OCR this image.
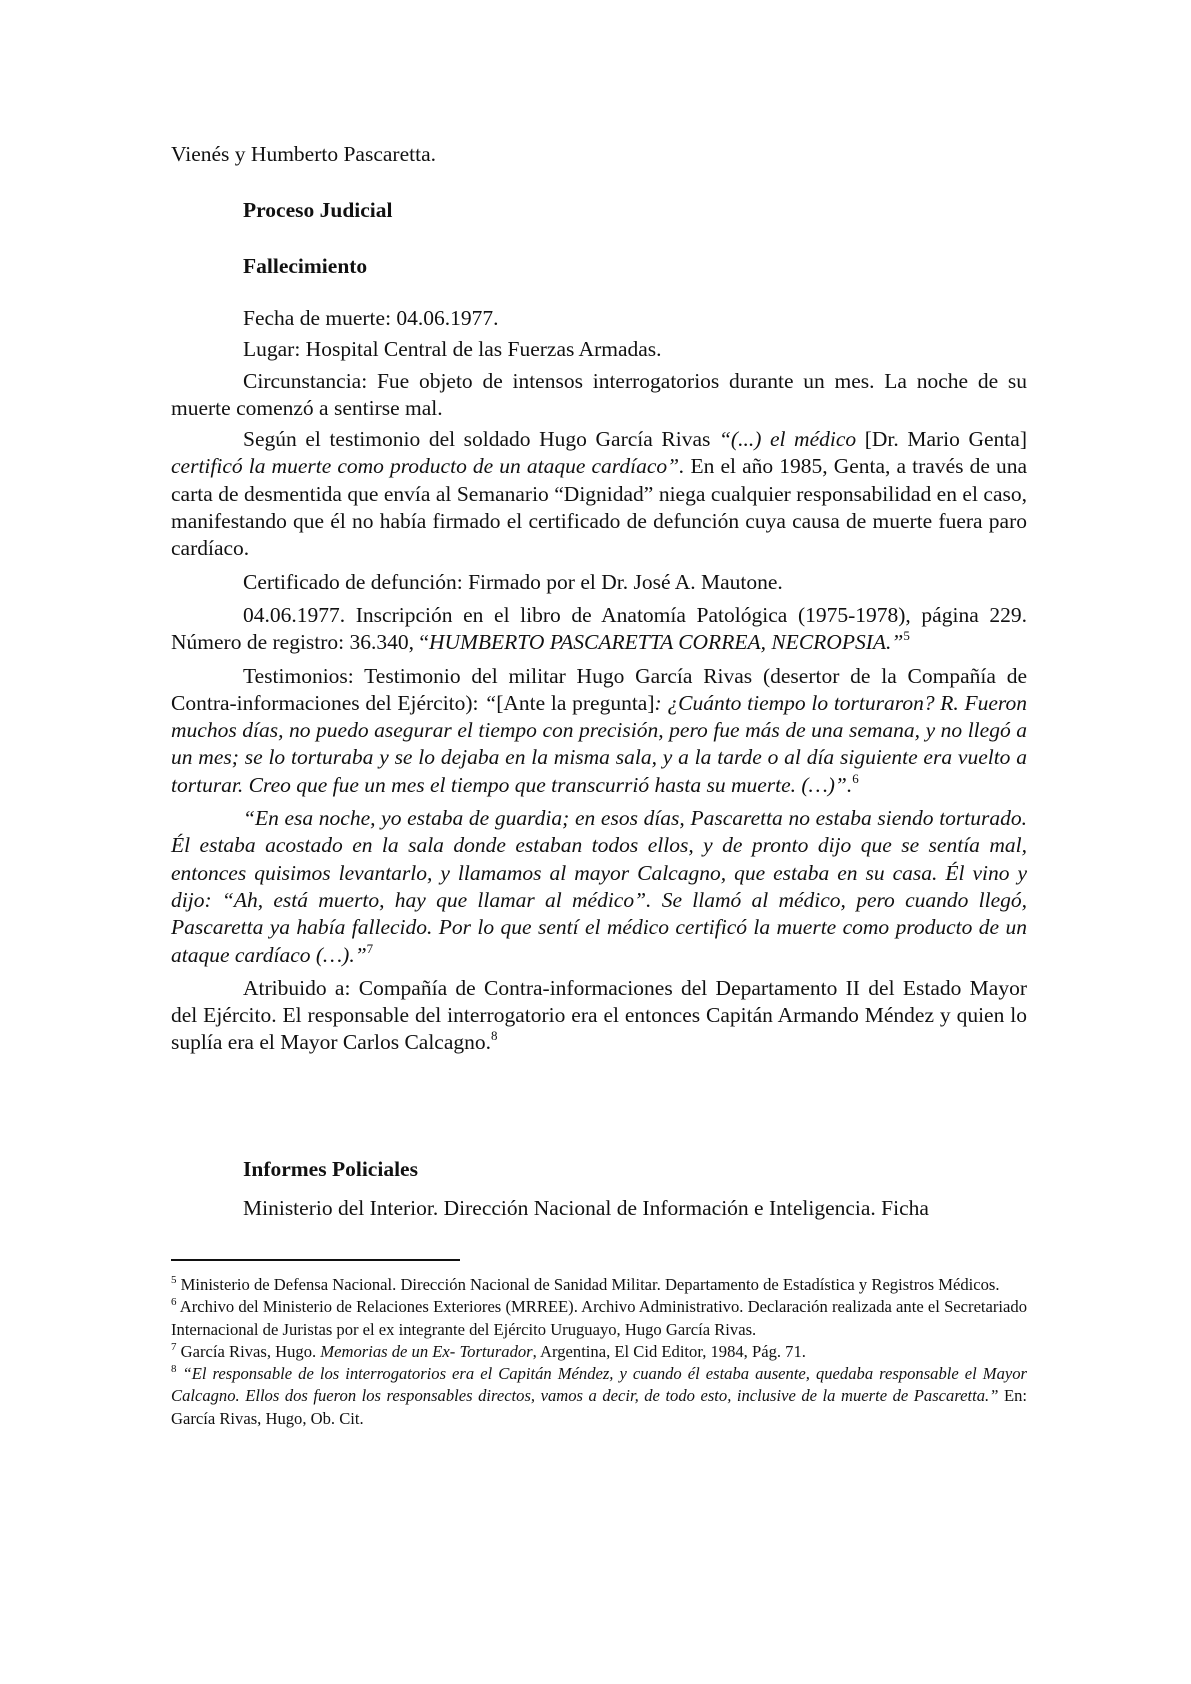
Vienés y Humberto Pascaretta.

Proceso Judicial
Fallecimiento

Fecha de muerte: 04.06.1977.

Lugar: Hospital Central de las Fuerzas Armadas.

Circunstancia: Fue objeto de intensos interrogatorios durante un mes. La noche de su muerte comenzó a sentirse mal.

Según el testimonio del soldado Hugo García Rivas “(...) el médico [Dr. Mario Genta] certificó la muerte como producto de un ataque cardíaco”. En el año 1985, Genta, a través de una carta de desmentida que envía al Semanario “Dignidad” niega cualquier responsabilidad en el caso, manifestando que él no había firmado el certificado de defunción cuya causa de muerte fuera paro cardíaco.

Certificado de defunción: Firmado por el Dr. José A. Mautone.

04.06.1977. Inscripción en el libro de Anatomía Patológica (1975-1978), página 229. Número de registro: 36.340, “HUMBERTO PASCARETTA CORREA, NECROPSIA.”$^5$

Testimonios: Testimonio del militar Hugo García Rivas (desertor de la Compañía de Contra-informaciones del Ejército): “[Ante la pregunta]: ¿Cuánto tiempo lo torturaron? R. Fueron muchos días, no puedo asegurar el tiempo con precisión, pero fue más de una semana, y no llegó a un mes; se lo torturaba y se lo dejaba en la misma sala, y a la tarde o al día siguiente era vuelto a torturar. Creo que fue un mes el tiempo que transcurrió hasta su muerte. (…)”.$^6$

“En esa noche, yo estaba de guardia; en esos días, Pascaretta no estaba siendo torturado. Él estaba acostado en la sala donde estaban todos ellos, y de pronto dijo que se sentía mal, entonces quisimos levantarlo, y llamamos al mayor Calcagno, que estaba en su casa. Él vino y dijo: “Ah, está muerto, hay que llamar al médico”. Se llamó al médico, pero cuando llegó, Pascaretta ya había fallecido. Por lo que sentí el médico certificó la muerte como producto de un ataque cardíaco (…).”$^7$

Atribuido a: Compañía de Contra-informaciones del Departamento II del Estado Mayor del Ejército. El responsable del interrogatorio era el entonces Capitán Armando Méndez y quien lo suplía era el Mayor Carlos Calcagno.$^8$

Informes Policiales

Ministerio del Interior. Dirección Nacional de Información e Inteligencia. Ficha

$^5$ Ministerio de Defensa Nacional. Dirección Nacional de Sanidad Militar. Departamento de Estadística y Registros Médicos.

$^6$ Archivo del Ministerio de Relaciones Exteriores (MRREE). Archivo Administrativo. Declaración realizada ante el Secretariado Internacional de Juristas por el ex integrante del Ejército Uruguayo, Hugo García Rivas.

$^7$ García Rivas, Hugo. Memorias de un Ex- Torturador, Argentina, El Cid Editor, 1984, Pág. 71.

$^8$ “El responsable de los interrogatorios era el Capitán Méndez, y cuando él estaba ausente, quedaba responsable el Mayor Calcagno. Ellos dos fueron los responsables directos, vamos a decir, de todo esto, inclusive de la muerte de Pascaretta.” En: García Rivas, Hugo, Ob. Cit.
